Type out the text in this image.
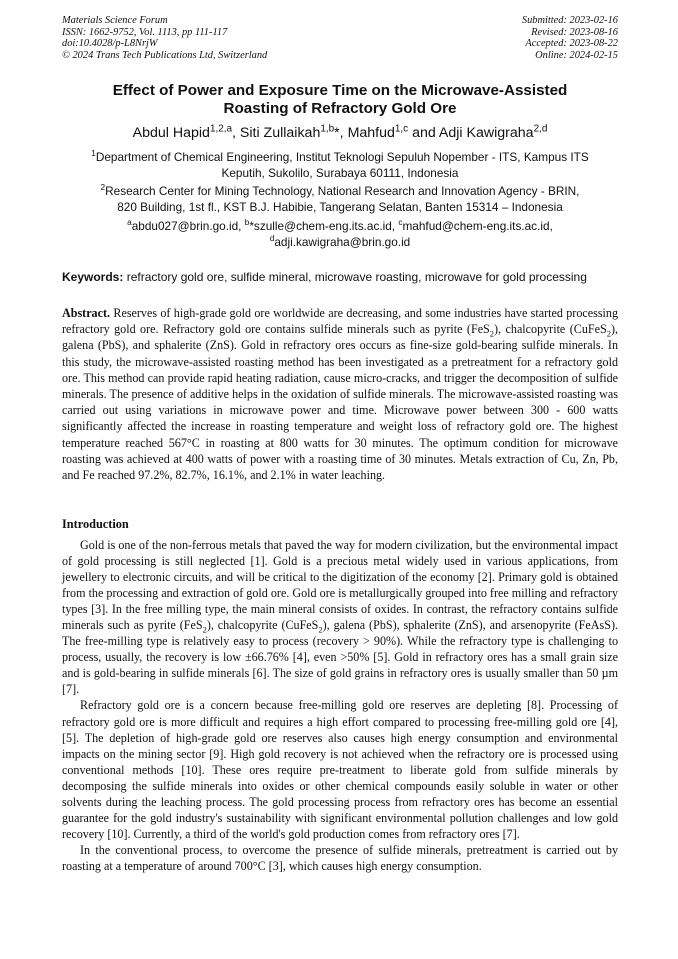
Materials Science Forum
ISSN: 1662-9752, Vol. 1113, pp 111-117
doi:10.4028/p-L8NrjW
© 2024 Trans Tech Publications Ltd, Switzerland
Submitted: 2023-02-16
Revised: 2023-08-16
Accepted: 2023-08-22
Online: 2024-02-15
Effect of Power and Exposure Time on the Microwave-Assisted
Roasting of Refractory Gold Ore
Abdul Hapid$^{1,2,a}$, Siti Zullaikah$^{1,b}$*, Mahfud$^{1,c}$ and Adji Kawigraha$^{2,d}$
$^1$Department of Chemical Engineering, Institut Teknologi Sepuluh Nopember - ITS, Kampus ITS
Keputih, Sukolilo, Surabaya 60111, Indonesia
$^2$Research Center for Mining Technology, National Research and Innovation Agency - BRIN,
820 Building, 1st fl., KST B.J. Habibie, Tangerang Selatan, Banten 15314 – Indonesia
$^a$abdu027@brin.go.id, $^b$*szulle@chem-eng.its.ac.id, $^c$mahfud@chem-eng.its.ac.id,
$^d$adji.kawigraha@brin.go.id
Keywords: refractory gold ore, sulfide mineral, microwave roasting, microwave for gold processing
Abstract. Reserves of high-grade gold ore worldwide are decreasing, and some industries have started processing refractory gold ore. Refractory gold ore contains sulfide minerals such as pyrite (FeS$_2$), chalcopyrite (CuFeS$_2$), galena (PbS), and sphalerite (ZnS). Gold in refractory ores occurs as fine-size gold-bearing sulfide minerals. In this study, the microwave-assisted roasting method has been investigated as a pretreatment for a refractory gold ore. This method can provide rapid heating radiation, cause micro-cracks, and trigger the decomposition of sulfide minerals. The presence of additive helps in the oxidation of sulfide minerals. The microwave-assisted roasting was carried out using variations in microwave power and time. Microwave power between 300 - 600 watts significantly affected the increase in roasting temperature and weight loss of refractory gold ore. The highest temperature reached 567°C in roasting at 800 watts for 30 minutes. The optimum condition for microwave roasting was achieved at 400 watts of power with a roasting time of 30 minutes. Metals extraction of Cu, Zn, Pb, and Fe reached 97.2%, 82.7%, 16.1%, and 2.1% in water leaching.
Introduction

Gold is one of the non-ferrous metals that paved the way for modern civilization, but the environmental impact of gold processing is still neglected [1]. Gold is a precious metal widely used in various applications, from jewellery to electronic circuits, and will be critical to the digitization of the economy [2]. Primary gold is obtained from the processing and extraction of gold ore. Gold ore is metallurgically grouped into free milling and refractory types [3]. In the free milling type, the main mineral consists of oxides. In contrast, the refractory contains sulfide minerals such as pyrite (FeS$_2$), chalcopyrite (CuFeS$_2$), galena (PbS), sphalerite (ZnS), and arsenopyrite (FeAsS). The free-milling type is relatively easy to process (recovery > 90%). While the refractory type is challenging to process, usually, the recovery is low ±66.76% [4], even >50% [5]. Gold in refractory ores has a small grain size and is gold-bearing in sulfide minerals [6]. The size of gold grains in refractory ores is usually smaller than 50 µm [7].

Refractory gold ore is a concern because free-milling gold ore reserves are depleting [8]. Processing of refractory gold ore is more difficult and requires a high effort compared to processing free-milling gold ore [4], [5]. The depletion of high-grade gold ore reserves also causes high energy consumption and environmental impacts on the mining sector [9]. High gold recovery is not achieved when the refractory ore is processed using conventional methods [10]. These ores require pre-treatment to liberate gold from sulfide minerals by decomposing the sulfide minerals into oxides or other chemical compounds easily soluble in water or other solvents during the leaching process. The gold processing process from refractory ores has become an essential guarantee for the gold industry's sustainability with significant environmental pollution challenges and low gold recovery [10]. Currently, a third of the world's gold production comes from refractory ores [7].

In the conventional process, to overcome the presence of sulfide minerals, pretreatment is carried out by roasting at a temperature of around 700°C [3], which causes high energy consumption.
